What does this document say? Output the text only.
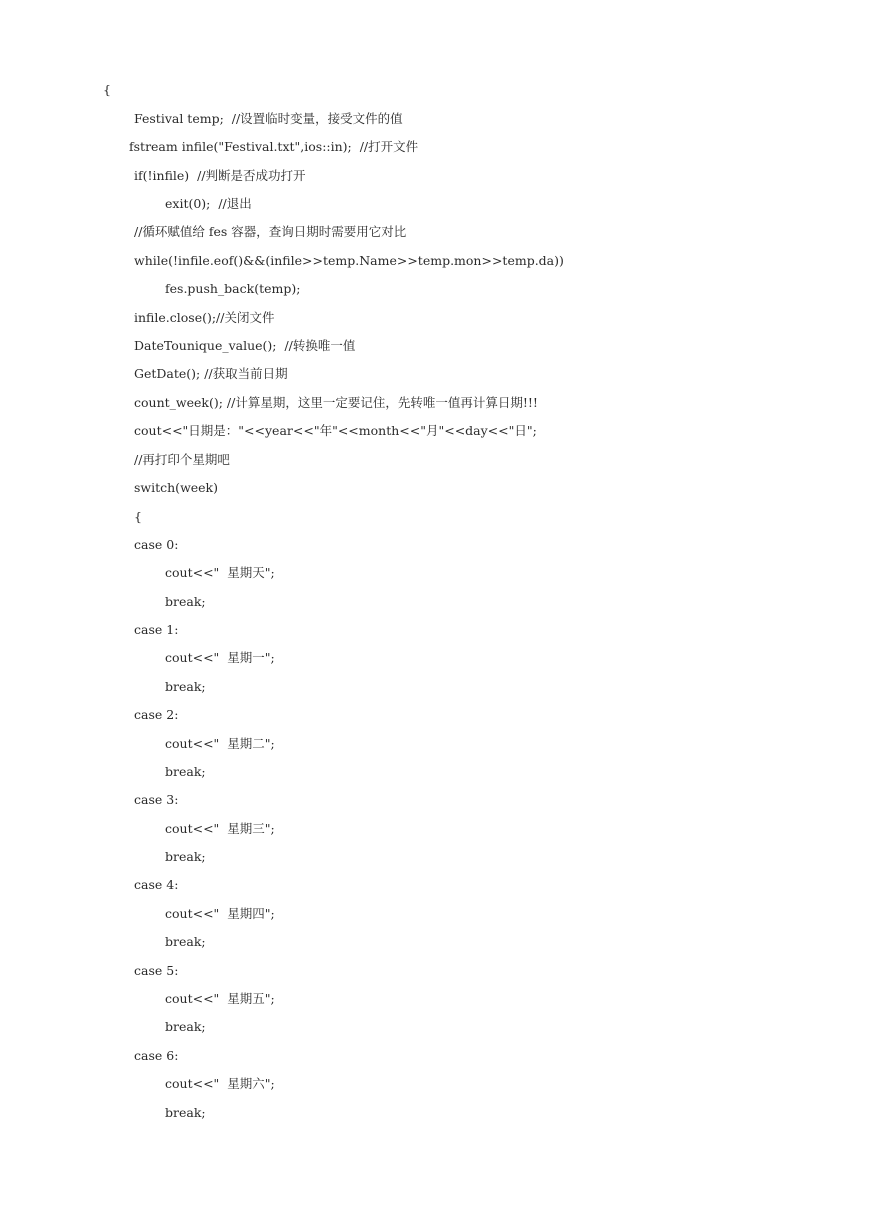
{
Festival temp;  //设置临时变量，接受文件的值
fstream infile("Festival.txt",ios::in);  //打开文件
if(!infile)  //判断是否成功打开
exit(0);  //退出
//循环赋值给 fes 容器，查询日期时需要用它对比
while(!infile.eof()&&(infile>>temp.Name>>temp.mon>>temp.da))
fes.push_back(temp);
infile.close();//关闭文件
DateTounique_value();  //转换唯一值
GetDate(); //获取当前日期
count_week(); //计算星期，这里一定要记住，先转唯一值再计算日期!!!
cout<<"日期是："<<year<<"年"<<month<<"月"<<day<<"日";
//再打印个星期吧
switch(week)
{
case 0:
cout<<"  星期天";
break;
case 1:
cout<<"  星期一";
break;
case 2:
cout<<"  星期二";
break;
case 3:
cout<<"  星期三";
break;
case 4:
cout<<"  星期四";
break;
case 5:
cout<<"  星期五";
break;
case 6:
cout<<"  星期六";
break;
